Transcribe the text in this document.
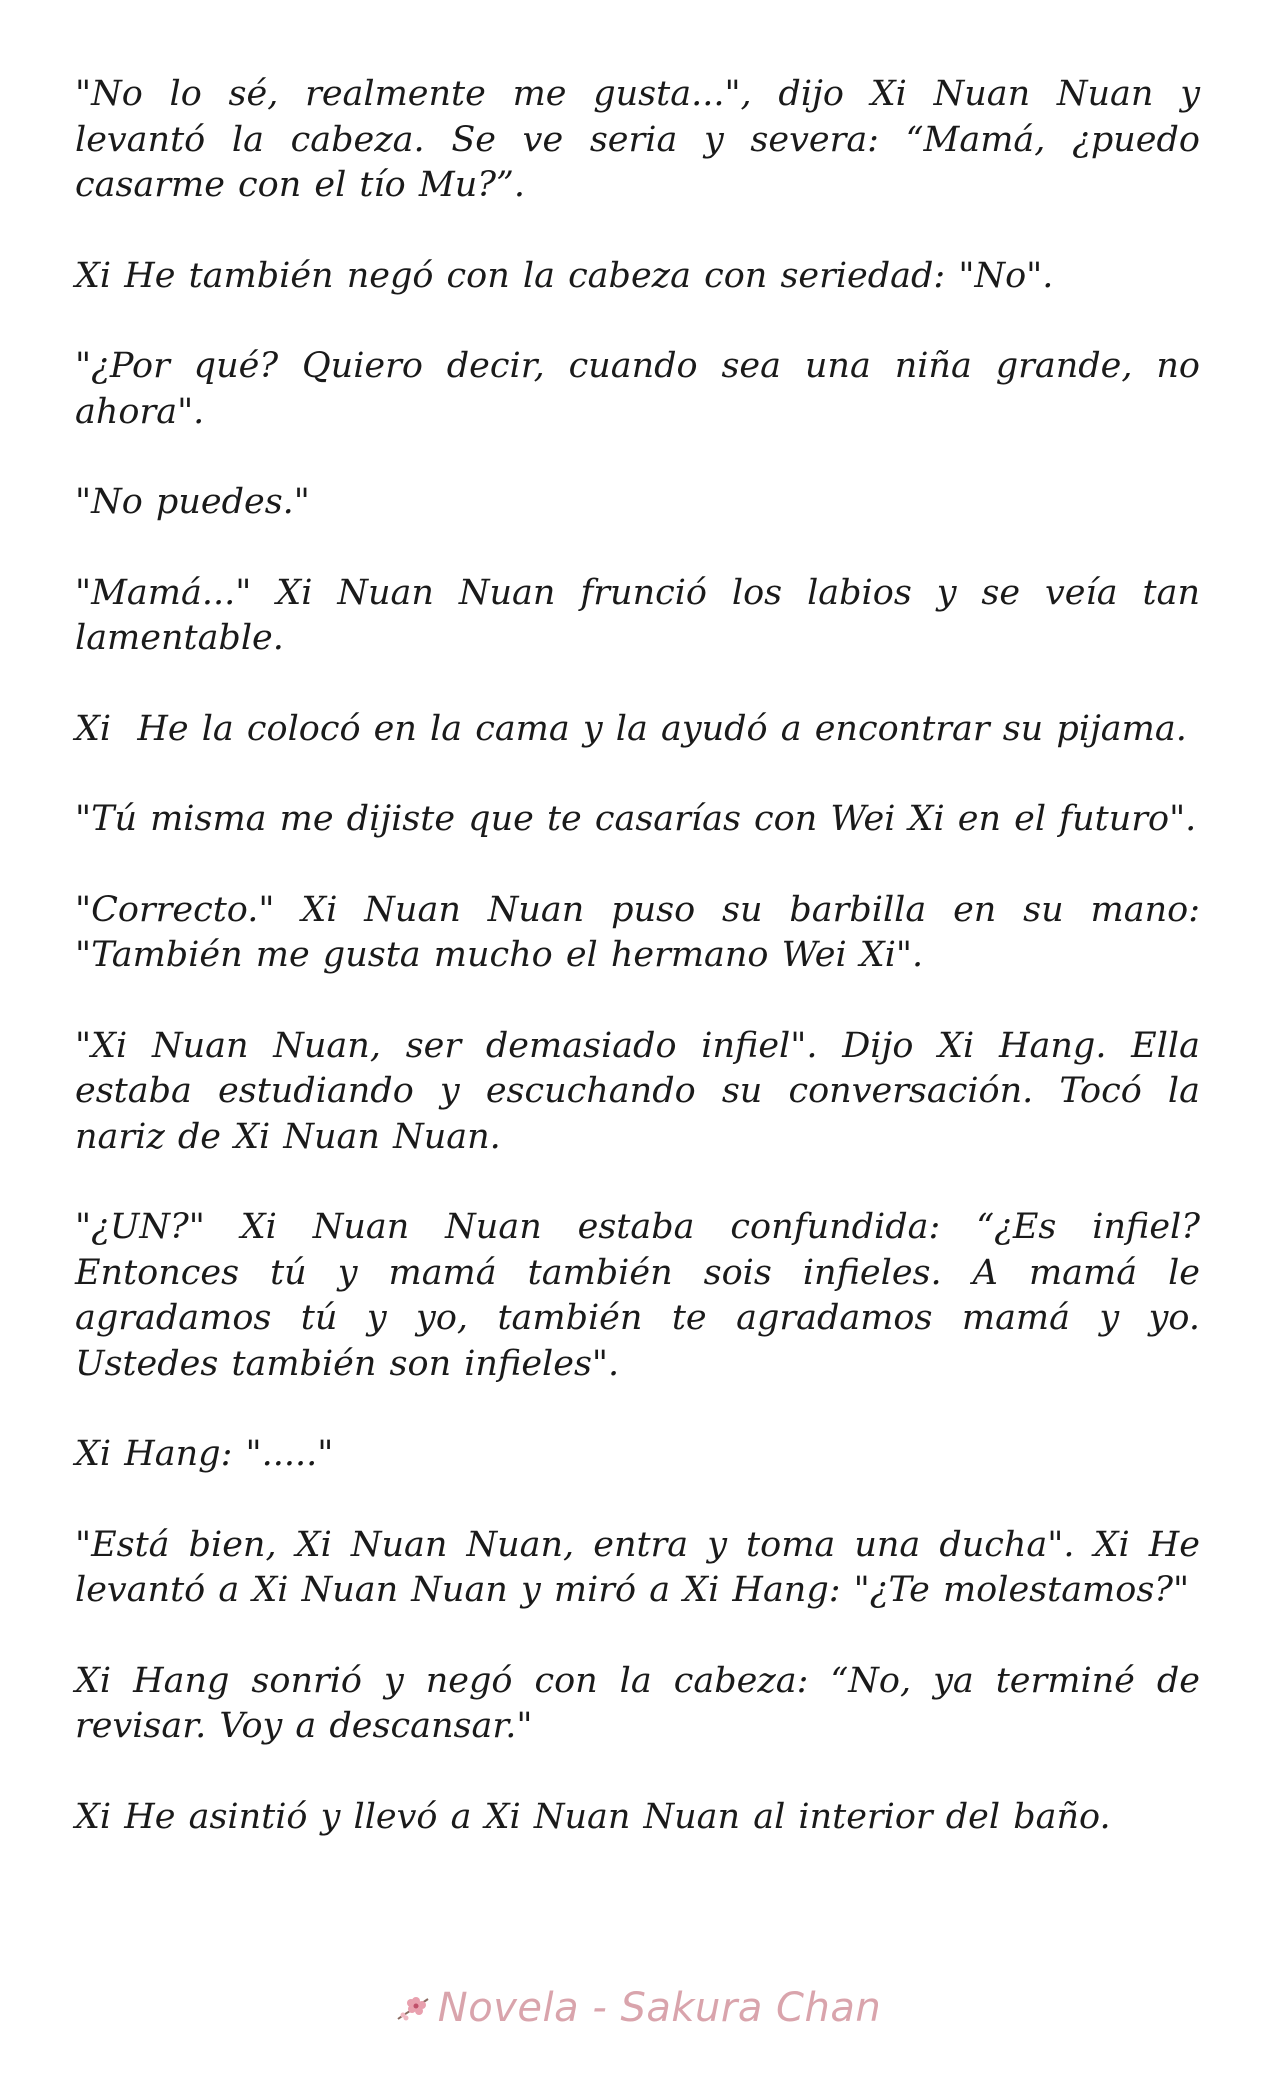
"No lo sé, realmente me gusta...", dijo Xi Nuan Nuan y levantó la cabeza. Se ve seria y severa: “Mamá, ¿puedo casarme con el tío Mu?”.

Xi He también negó con la cabeza con seriedad: "No".

"¿Por qué? Quiero decir, cuando sea una niña grande, no ahora".

"No puedes."

"Mamá..." Xi Nuan Nuan frunció los labios y se veía tan lamentable.

Xi  He la colocó en la cama y la ayudó a encontrar su pijama.

"Tú misma me dijiste que te casarías con Wei Xi en el futuro".

"Correcto." Xi Nuan Nuan puso su barbilla en su mano: "También me gusta mucho el hermano Wei Xi".

"Xi Nuan Nuan, ser demasiado infiel". Dijo Xi Hang. Ella estaba estudiando y escuchando su conversación. Tocó la nariz de Xi Nuan Nuan.

"¿UN?" Xi Nuan Nuan estaba confundida: “¿Es infiel? Entonces tú y mamá también sois infieles. A mamá le agradamos tú y yo, también te agradamos mamá y yo. Ustedes también son infieles".

Xi Hang: "....."

"Está bien, Xi Nuan Nuan, entra y toma una ducha". Xi He levantó a Xi Nuan Nuan y miró a Xi Hang: "¿Te molestamos?"

Xi Hang sonrió y negó con la cabeza: “No, ya terminé de revisar. Voy a descansar."

Xi He asintió y llevó a Xi Nuan Nuan al interior del baño.

Novela - Sakura Chan
